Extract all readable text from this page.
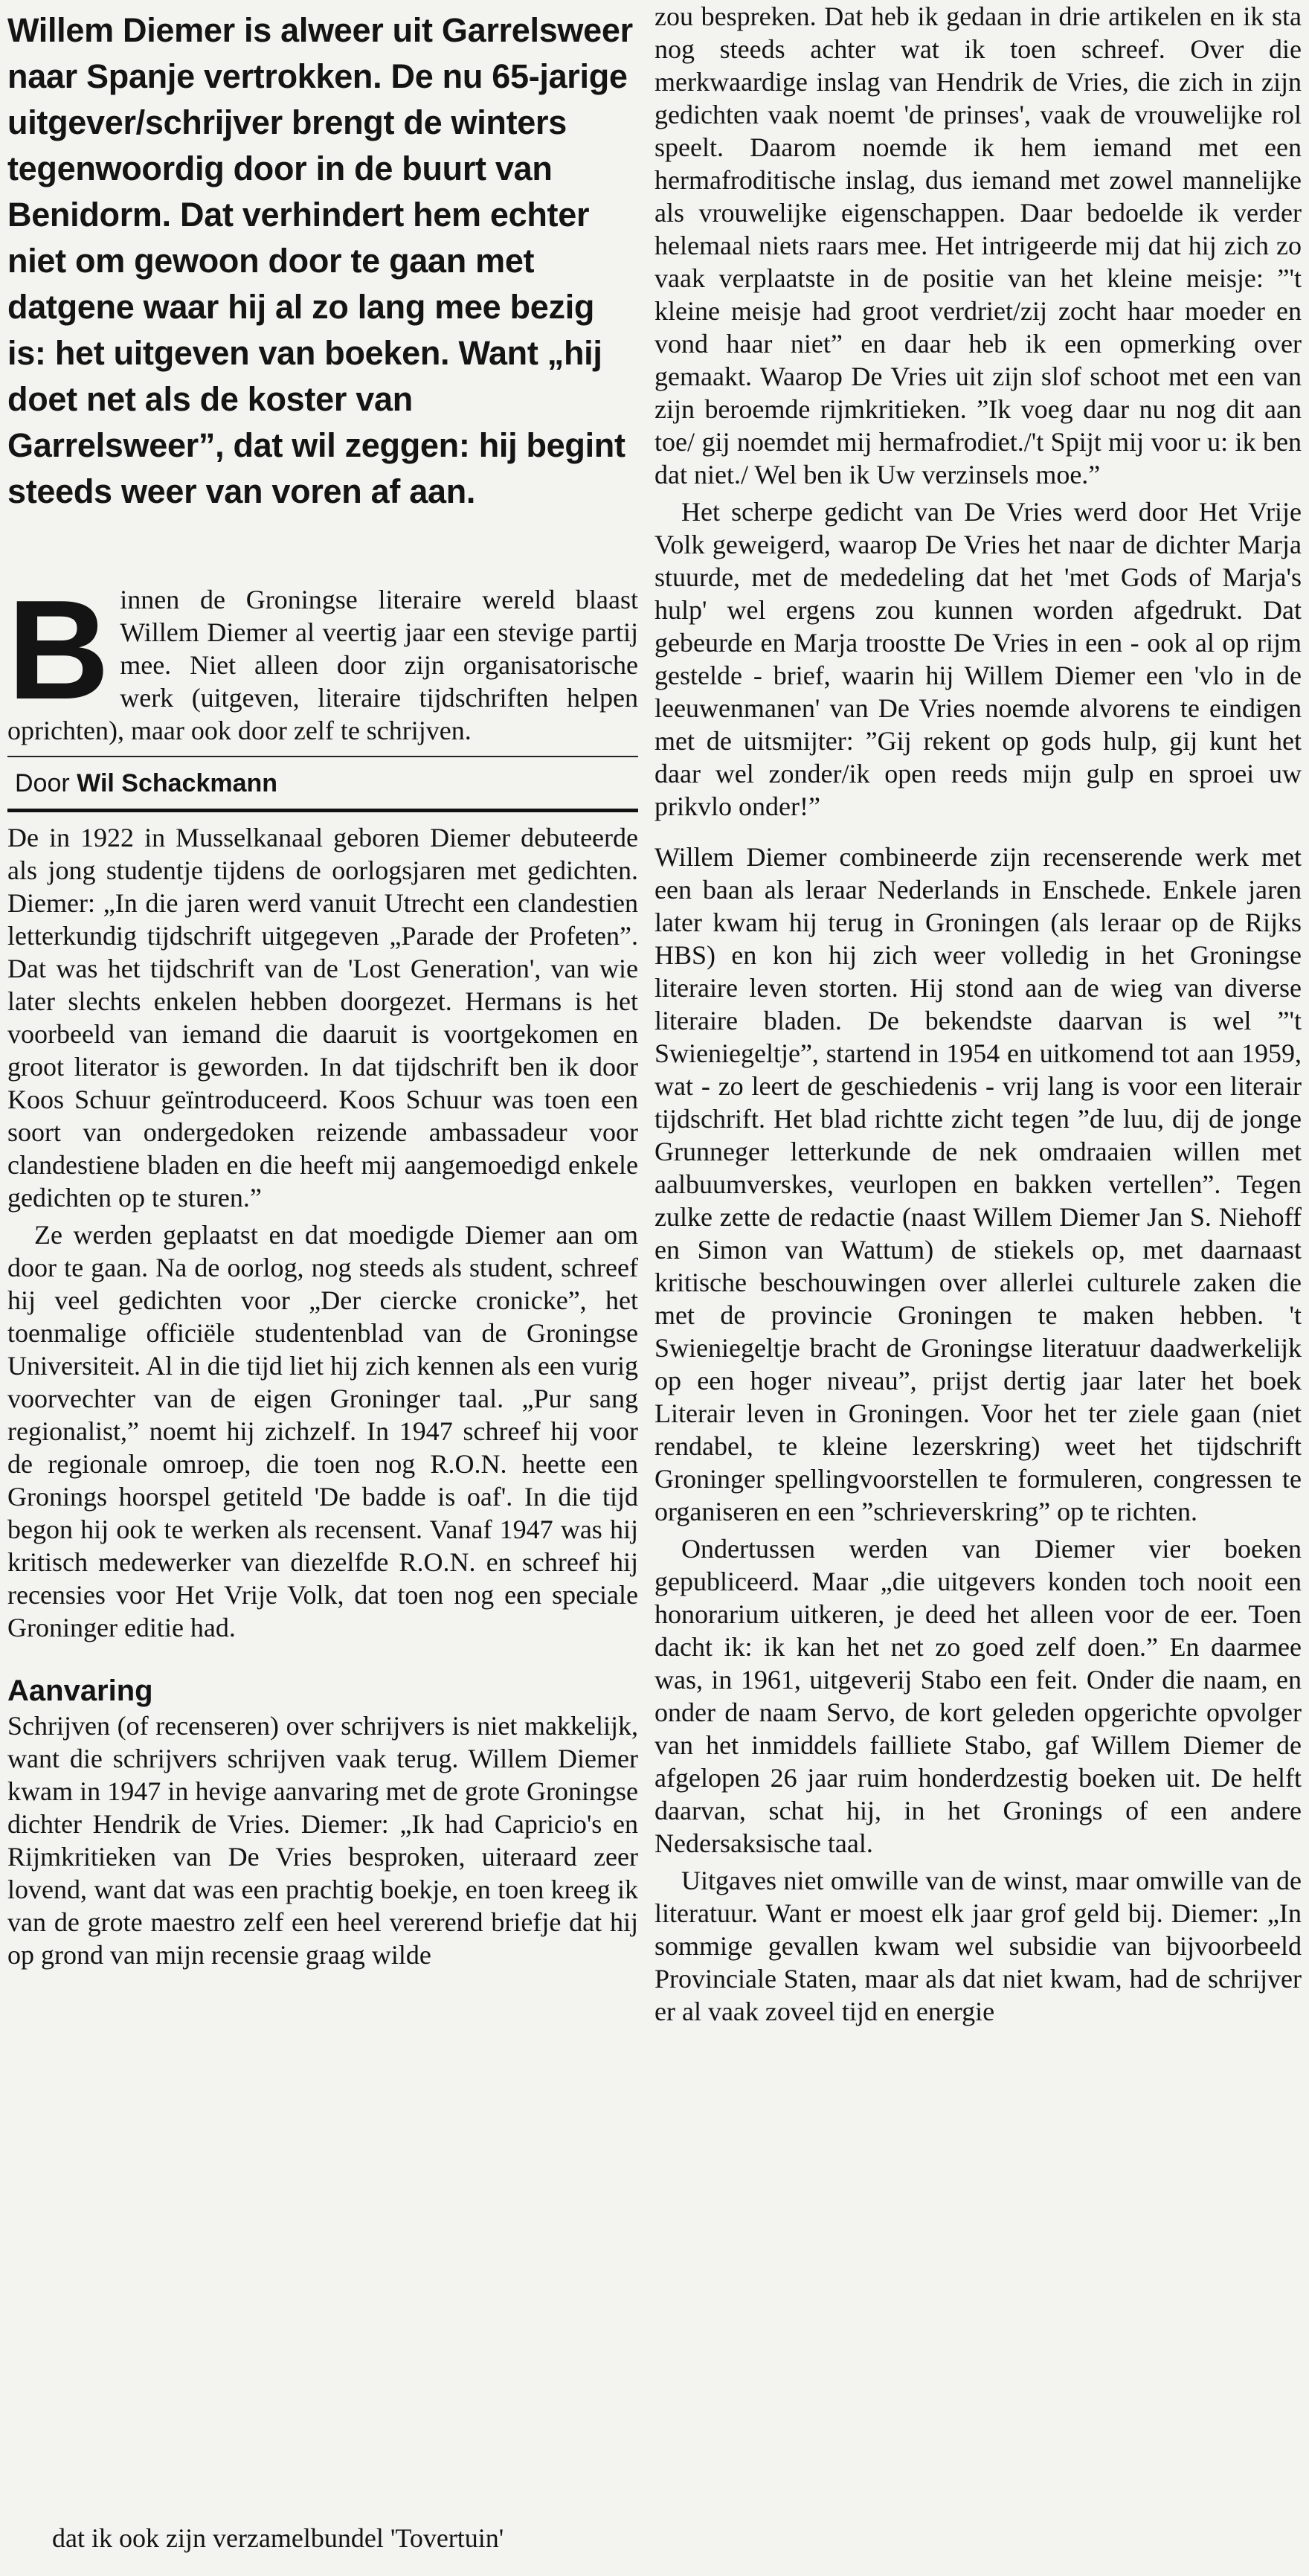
Willem Diemer is alweer uit Garrelsweer naar Spanje vertrokken. De nu 65-jarige uitgever/schrijver brengt de winters tegenwoordig door in de buurt van Benidorm. Dat verhindert hem echter niet om gewoon door te gaan met datgene waar hij al zo lang mee bezig is: het uitgeven van boeken. Want „hij doet net als de koster van Garrelsweer”, dat wil zeggen: hij begint steeds weer van voren af aan.
Binnen de Groningse literaire wereld blaast Willem Diemer al veertig jaar een stevige partij mee. Niet alleen door zijn organisatorische werk (uitgeven, literaire tijdschriften helpen oprichten), maar ook door zelf te schrijven.
Door Wil Schackmann

De in 1922 in Musselkanaal geboren Diemer debuteerde als jong studentje tijdens de oorlogsjaren met gedichten. Diemer: „In die jaren werd vanuit Utrecht een clandestien letterkundig tijdschrift uitgegeven „Parade der Profeten”. Dat was het tijdschrift van de 'Lost Generation', van wie later slechts enkelen hebben doorgezet. Hermans is het voorbeeld van iemand die daaruit is voortgekomen en groot literator is geworden. In dat tijdschrift ben ik door Koos Schuur geïntroduceerd. Koos Schuur was toen een soort van ondergedoken reizende ambassadeur voor clandestiene bladen en die heeft mij aangemoedigd enkele gedichten op te sturen.”

Ze werden geplaatst en dat moedigde Diemer aan om door te gaan. Na de oorlog, nog steeds als student, schreef hij veel gedichten voor „Der ciercke cronicke”, het toenmalige officiële studentenblad van de Groningse Universiteit. Al in die tijd liet hij zich kennen als een vurig voorvechter van de eigen Groninger taal. „Pur sang regionalist,” noemt hij zichzelf. In 1947 schreef hij voor de regionale omroep, die toen nog R.O.N. heette een Gronings hoorspel getiteld 'De badde is oaf'. In die tijd begon hij ook te werken als recensent. Vanaf 1947 was hij kritisch medewerker van diezelfde R.O.N. en schreef hij recensies voor Het Vrije Volk, dat toen nog een speciale Groninger editie had.

Aanvaring

Schrijven (of recenseren) over schrijvers is niet makkelijk, want die schrijvers schrijven vaak terug. Willem Diemer kwam in 1947 in hevige aanvaring met de grote Groningse dichter Hendrik de Vries. Diemer: „Ik had Capricio's en Rijmkritieken van De Vries besproken, uiteraard zeer lovend, want dat was een prachtig boekje, en toen kreeg ik van de grote maestro zelf een heel vererend briefje dat hij op grond van mijn recensie graag wilde

dat ik ook zijn verzamelbundel 'Tovertuin'

zou bespreken. Dat heb ik gedaan in drie artikelen en ik sta nog steeds achter wat ik toen schreef. Over die merkwaardige inslag van Hendrik de Vries, die zich in zijn gedichten vaak noemt 'de prinses', vaak de vrouwelijke rol speelt. Daarom noemde ik hem iemand met een hermafroditische inslag, dus iemand met zowel mannelijke als vrouwelijke eigenschappen. Daar bedoelde ik verder helemaal niets raars mee. Het intrigeerde mij dat hij zich zo vaak verplaatste in de positie van het kleine meisje: ”'t kleine meisje had groot verdriet/zij zocht haar moeder en vond haar niet” en daar heb ik een opmerking over gemaakt. Waarop De Vries uit zijn slof schoot met een van zijn beroemde rijmkritieken. ”Ik voeg daar nu nog dit aan toe/ gij noemdet mij hermafrodiet./'t Spijt mij voor u: ik ben dat niet./ Wel ben ik Uw verzinsels moe.”

Het scherpe gedicht van De Vries werd door Het Vrije Volk geweigerd, waarop De Vries het naar de dichter Marja stuurde, met de mededeling dat het 'met Gods of Marja's hulp' wel ergens zou kunnen worden afgedrukt. Dat gebeurde en Marja troostte De Vries in een - ook al op rijm gestelde - brief, waarin hij Willem Diemer een 'vlo in de leeuwenmanen' van De Vries noemde alvorens te eindigen met de uitsmijter: ”Gij rekent op gods hulp, gij kunt het daar wel zonder/ik open reeds mijn gulp en sproei uw prikvlo onder!”

Willem Diemer combineerde zijn recenserende werk met een baan als leraar Nederlands in Enschede. Enkele jaren later kwam hij terug in Groningen (als leraar op de Rijks HBS) en kon hij zich weer volledig in het Groningse literaire leven storten. Hij stond aan de wieg van diverse literaire bladen. De bekendste daarvan is wel ”'t Swieniegeltje”, startend in 1954 en uitkomend tot aan 1959, wat - zo leert de geschiedenis - vrij lang is voor een literair tijdschrift. Het blad richtte zicht tegen ”de luu, dij de jonge Grunneger letterkunde de nek omdraaien willen met aalbuumverskes, veurlopen en bakken vertellen”. Tegen zulke zette de redactie (naast Willem Diemer Jan S. Niehoff en Simon van Wattum) de stiekels op, met daarnaast kritische beschouwingen over allerlei culturele zaken die met de provincie Groningen te maken hebben. 't Swieniegeltje bracht de Groningse literatuur daadwerkelijk op een hoger niveau”, prijst dertig jaar later het boek Literair leven in Groningen. Voor het ter ziele gaan (niet rendabel, te kleine lezerskring) weet het tijdschrift Groninger spellingvoorstellen te formuleren, congressen te organiseren en een ”schrieverskring” op te richten.

Ondertussen werden van Diemer vier boeken gepubliceerd. Maar „die uitgevers konden toch nooit een honorarium uitkeren, je deed het alleen voor de eer. Toen dacht ik: ik kan het net zo goed zelf doen.” En daarmee was, in 1961, uitgeverij Stabo een feit. Onder die naam, en onder de naam Servo, de kort geleden opgerichte opvolger van het inmiddels failliete Stabo, gaf Willem Diemer de afgelopen 26 jaar ruim honderdzestig boeken uit. De helft daarvan, schat hij, in het Gronings of een andere Nedersaksische taal.

Uitgaves niet omwille van de winst, maar omwille van de literatuur. Want er moest elk jaar grof geld bij. Diemer: „In sommige gevallen kwam wel subsidie van bijvoorbeeld Provinciale Staten, maar als dat niet kwam, had de schrijver er al vaak zoveel tijd en energie
